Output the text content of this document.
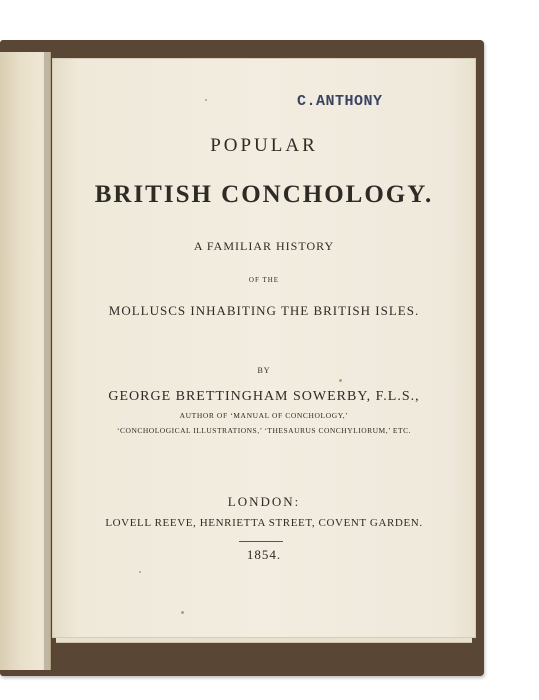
C.ANTHONY
POPULAR
BRITISH CONCHOLOGY.
A FAMILIAR HISTORY
OF THE
MOLLUSCS INHABITING THE BRITISH ISLES.
BY
GEORGE BRETTINGHAM SOWERBY, F.L.S.,
AUTHOR OF ‘MANUAL OF CONCHOLOGY,’
‘CONCHOLOGICAL ILLUSTRATIONS,’ ‘THESAURUS CONCHYLIORUM,’ ETC.
LONDON:
LOVELL REEVE, HENRIETTA STREET, COVENT GARDEN.
1854.
